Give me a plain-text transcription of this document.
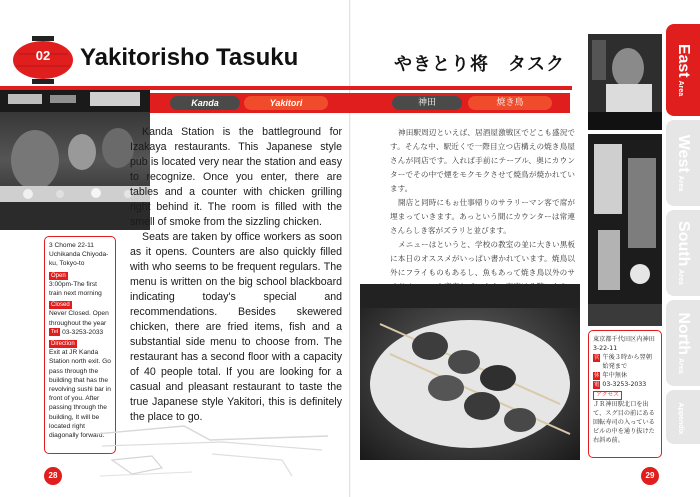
02	Yakitorisho Tasuku	やきとり将　タスク
Kanda	Yakitori	神田	焼き鳥

Kanda Station is the battleground for Izakaya restaurants. This Japanese style pub is located very near the station and easy to recognize. Once you enter, there are tables and a counter with chicken grilling right behind it. The room is filled with the smell of smoke from the sizzling chicken.

Seats are taken by office workers as soon as it opens. Counters are also quickly filled with who seems to be frequent regulars. The menu is written on the big school blackboard indicating today's special and recommendations. Besides skewered chicken, there are fried items, fish and a substantial side menu to choose from. The restaurant has a second floor with a capacity of 40 people total. If you are looking for a casual and pleasant restaurant to taste the true Japanese style Yakitori, this is definitely the place to go.

3 Chome 22-11 Uchikanda Chiyoda-ku, Tokyo-to
Open
3:00pm-The first train next morning
Closed
Never Closed. Open throughout the year
Tel 03-3253-2033
Direction
Exit at JR Kanda Station north exit. Go pass through the building that has the revolving sushi bar in front of you. After passing through the building, It will be located right diagonally forward.
28	29

神田駅周辺といえば、居酒屋激戦区でどこも盛況です。そんな中、駅近くで一際目立つ店構えの焼き鳥屋さんが同店です。入れば手前にテーブル、奥にカウンターでその中で煙をモクモクさせて焼鳥が焼かれています。

開店と同時にもぉ仕事帰りのサラリーマン客で席が埋まっていきます。あっという間にカウンターは常連さんらしき客がズラリと並びます。

メニューはというと、学校の教室の並に大きい黒板に本日のオススメがいっぱい書かれています。焼鳥以外にフライものもあるし、魚もあって焼き鳥以外のサ

東京都千代田区内神田3-22-11
営 午後３時から翌朝始発まで
休 年中無休
電 03-3253-2033
アクセス
ＪＲ神田駅北口を出て、スグ目の前にある回転寿司の入っているビルの中を通り抜けた右斜め前。
EastArea
WestArea
SouthArea
NorthArea
Appendix
